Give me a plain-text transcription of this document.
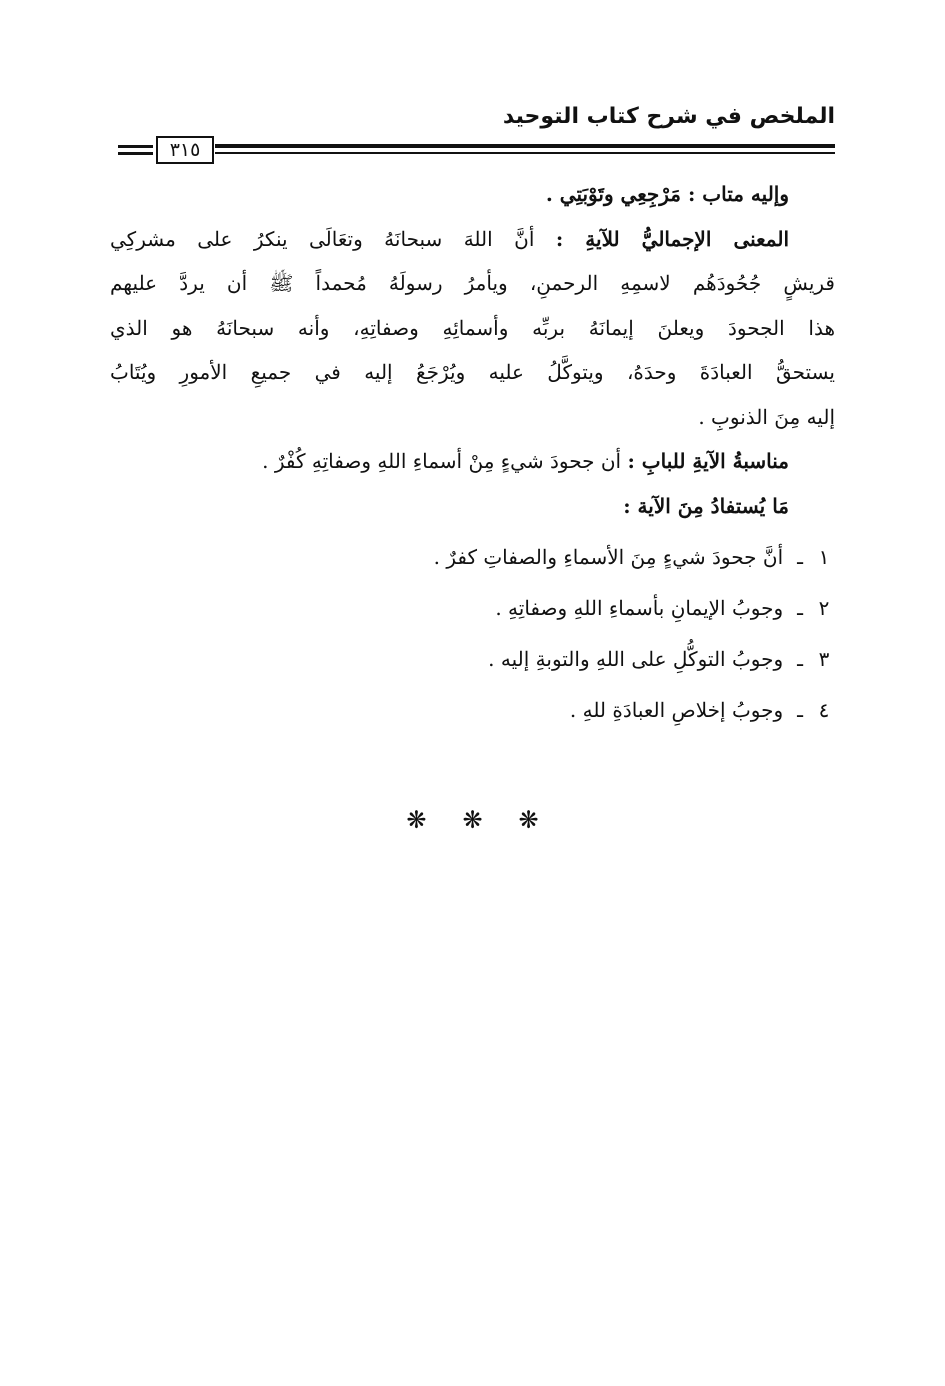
الملخص في شرح كتاب التوحيد
٣١٥
وإليه متاب : مَرْجِعِي وتَوْبَتِي .
المعنى الإجماليُّ للآيةِ : أنَّ اللهَ سبحانَهُ وتعَالَى ينكرُ على مشركِي
قريشٍ جُحُودَهُم لاسمِهِ الرحمنِ، ويأمرُ رسولَهُ مُحمداً ﷺ أن يردَّ عليهم
هذا الجحودَ ويعلنَ إيمانَهُ بربِّه وأسمائِهِ وصفاتِهِ، وأنه سبحانَهُ هو الذي
يستحقُّ العبادَةَ وحدَهُ، ويتوكَّلُ عليه ويُرْجَعُ إليه في جميعِ الأمورِ ويُتَابُ
إليه مِنَ الذنوبِ .
مناسبةُ الآيةِ للبابِ : أن جحودَ شيءٍ مِنْ أسماءِ اللهِ وصفاتِهِ كُفْرٌ .
مَا يُستفادُ مِنَ الآية :
١ـأنَّ جحودَ شيءٍ مِنَ الأسماءِ والصفاتِ كفرٌ .
٢ـوجوبُ الإيمانِ بأسماءِ اللهِ وصفاتِهِ .
٣ـوجوبُ التوكُّلِ على اللهِ والتوبةِ إليه .
٤ـوجوبُ إخلاصِ العبادَةِ للهِ .
❋ ❋ ❋
